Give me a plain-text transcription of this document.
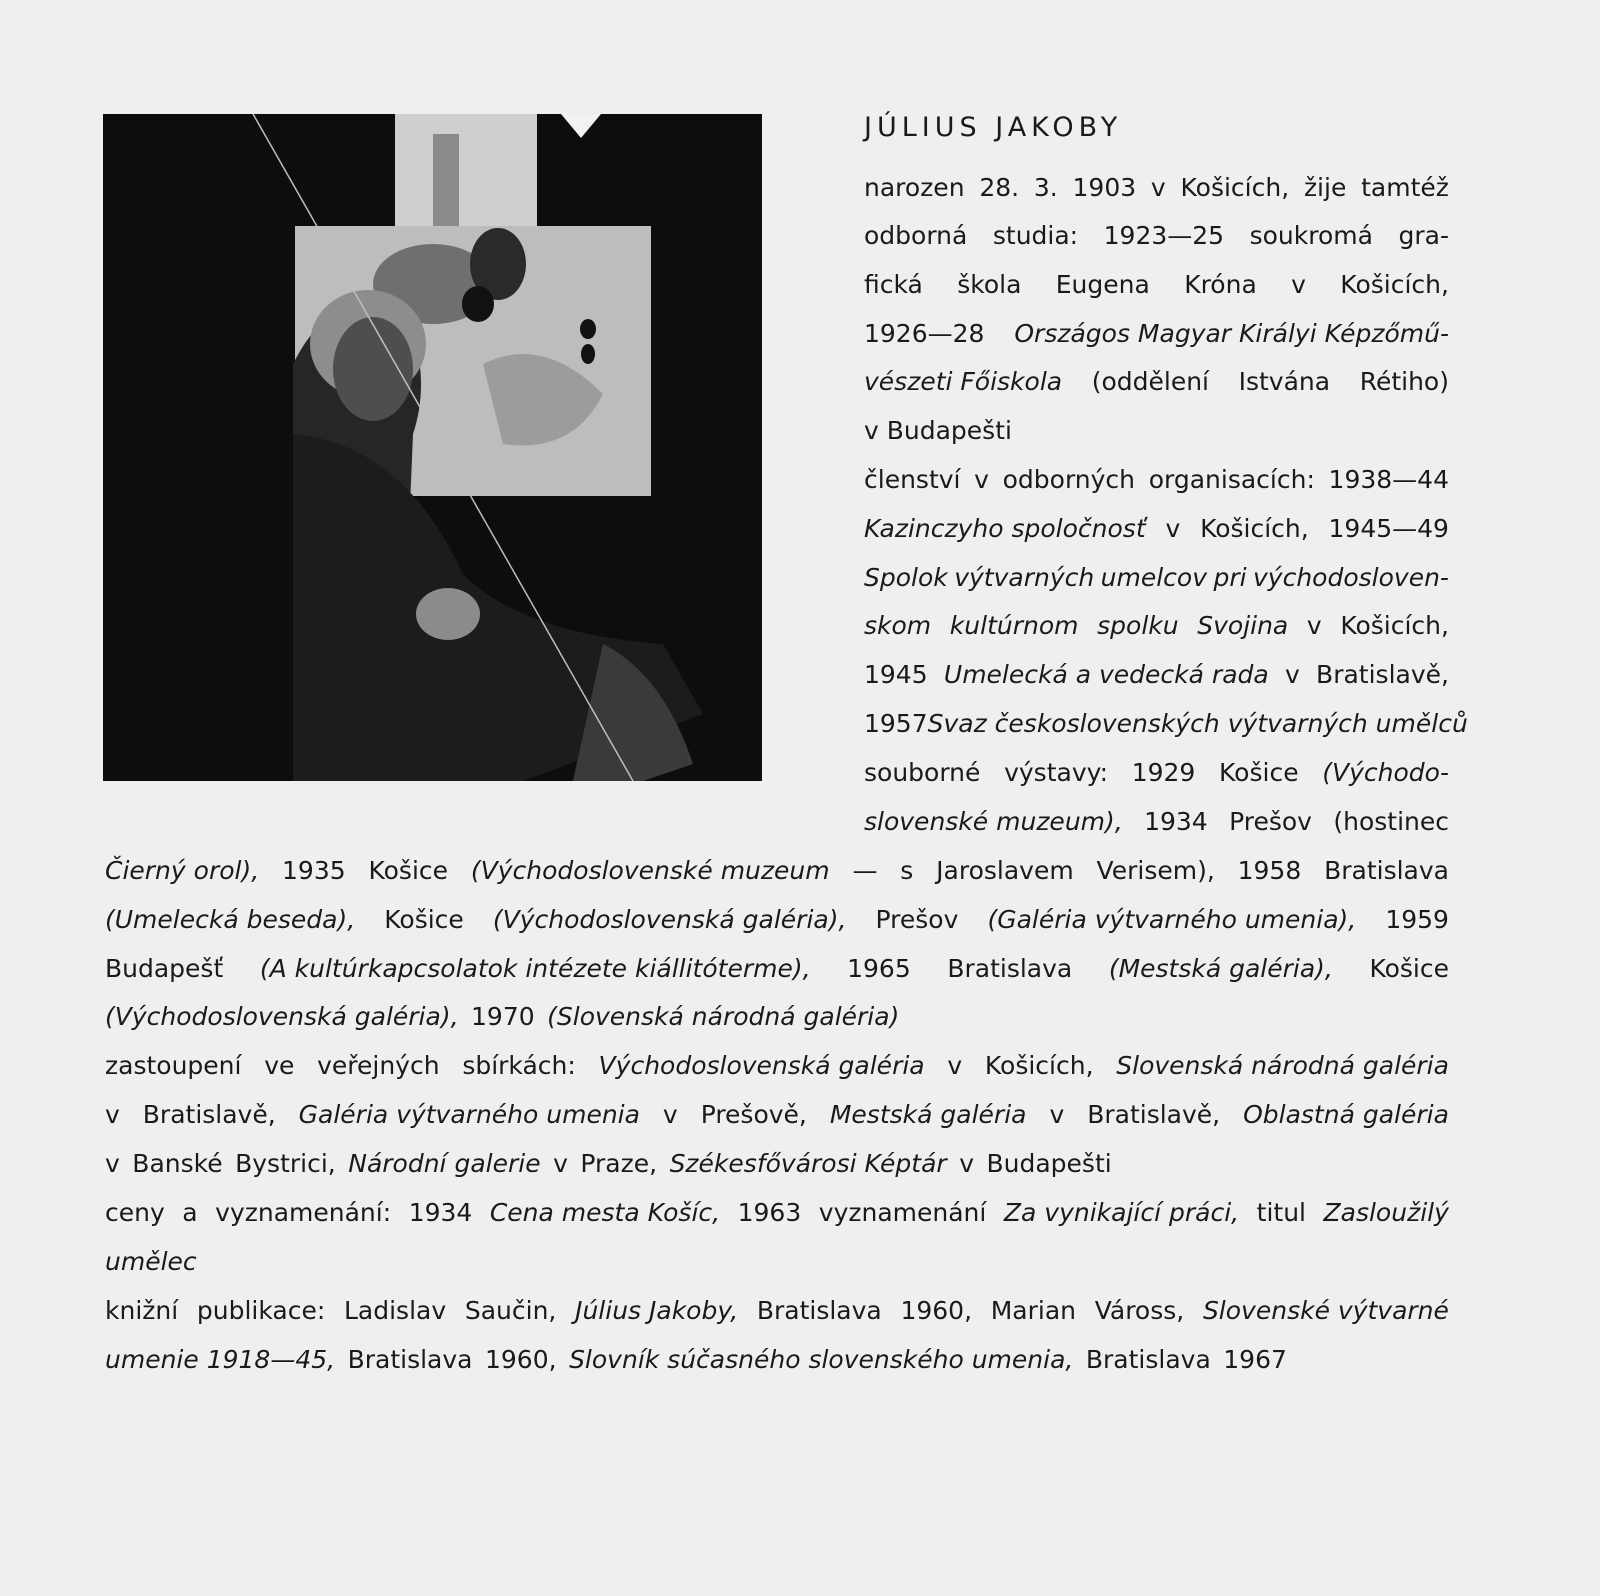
JÚLIUS JAKOBY
narozen 28. 3. 1903 v Košicích, žije tamtéž
odborná studia: 1923—25 soukromá gra-
fická škola Eugena Króna v Košicích,
1926—28 Országos Magyar Királyi Képzőmű-
vészeti Főiskola (oddělení Istvána Rétiho)
v Budapešti
členství v odborných organisacích: 1938—44
Kazinczyho spoločnosť v Košicích, 1945—49
Spolok výtvarných umelcov pri východosloven-
skom kultúrnom spolku Svojina v Košicích,
1945 Umelecká a vedecká rada v Bratislavě,
1957 Svaz československých výtvarných umělců
souborné výstavy: 1929 Košice (Východo-
slovenské muzeum), 1934 Prešov (hostinec
Čierný orol), 1935 Košice (Východoslovenské muzeum — s Jaroslavem Verisem), 1958 Bratislava
(Umelecká beseda), Košice (Východoslovenská galéria), Prešov (Galéria výtvarného umenia), 1959
Budapešť (A kultúrkapcsolatok intézete kiállitóterme), 1965 Bratislava (Mestská galéria), Košice
(Východoslovenská galéria), 1970 (Slovenská národná galéria)
zastoupení ve veřejných sbírkách: Východoslovenská galéria v Košicích, Slovenská národná galéria
v Bratislavě, Galéria výtvarného umenia v Prešově, Mestská galéria v Bratislavě, Oblastná galéria
v Banské Bystrici, Národní galerie v Praze, Székesfővárosi Képtár v Budapešti
ceny a vyznamenání: 1934 Cena mesta Košíc, 1963 vyznamenání Za vynikající práci, titul Zasloužilý
umělec
knižní publikace: Ladislav Saučin, Július Jakoby, Bratislava 1960, Marian Váross, Slovenské výtvarné
umenie 1918—45, Bratislava 1960, Slovník súčasného slovenského umenia, Bratislava 1967
